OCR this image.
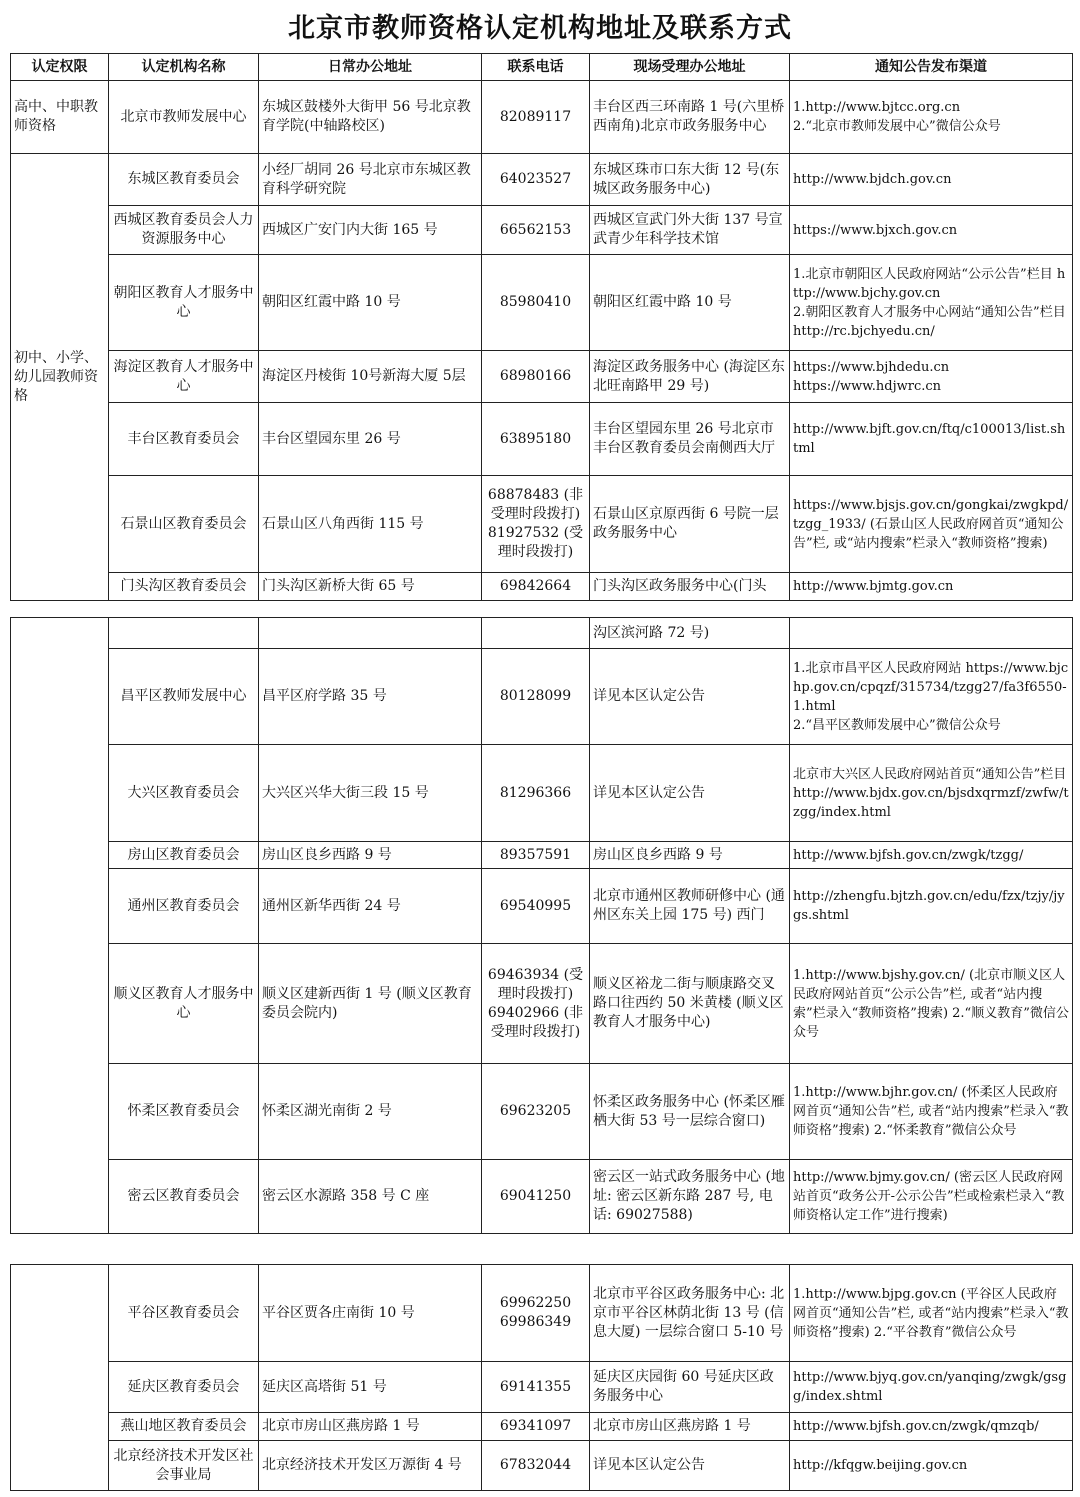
北京市教师资格认定机构地址及联系方式
认定权限	认定机构名称	日常办公地址	联系电话	现场受理办公地址	通知公告发布渠道
高中、中职教师资格	北京市教师发展中心	东城区鼓楼外大街甲 56 号北京教育学院(中轴路校区)	82089117	丰台区西三环南路 1 号(六里桥西南角)北京市政务服务中心	1.http://www.bjtcc.org.cn
2.“北京市教师发展中心”微信公众号

初中、小学、幼儿园教师资格	东城区教育委员会	小经厂胡同 26 号北京市东城区教育科学研究院	64023527	东城区珠市口东大街 12 号(东城区政务服务中心)	http://www.bjdch.gov.cn

	西城区教育委员会人力资源服务中心	西城区广安门内大街 165 号	66562153	西城区宣武门外大街 137 号宣武青少年科学技术馆	https://www.bjxch.gov.cn

	朝阳区教育人才服务中心	朝阳区红霞中路 10 号	85980410	朝阳区红霞中路 10 号	1.北京市朝阳区人民政府网站“公示公告”栏目 http://www.bjchy.gov.cn
2.朝阳区教育人才服务中心网站“通知公告”栏目 http://rc.bjchyedu.cn/

	海淀区教育人才服务中心	海淀区丹棱街 10号新海大厦 5层	68980166	海淀区政务服务中心 (海淀区东北旺南路甲 29 号)	https://www.bjhdedu.cn
https://www.hdjwrc.cn

	丰台区教育委员会	丰台区望园东里 26 号	63895180	丰台区望园东里 26 号北京市丰台区教育委员会南侧西大厅	http://www.bjft.gov.cn/ftq/c100013/list.shtml

	石景山区教育委员会	石景山区八角西街 115 号	68878483 (非受理时段拨打)
81927532 (受理时段拨打)	石景山区京原西街 6 号院一层政务服务中心	https://www.bjsjs.gov.cn/gongkai/zwgkpd/tzgg_1933/ (石景山区人民政府网首页“通知公告”栏, 或“站内搜索”栏录入“教师资格”搜索)

	门头沟区教育委员会	门头沟区新桥大街 65 号	69842664	门头沟区政务服务中心(门头	http://www.bjmtg.gov.cn
				沟区滨河路 72 号)	
	昌平区教师发展中心	昌平区府学路 35 号	80128099	详见本区认定公告	1.北京市昌平区人民政府网站 https://www.bjchp.gov.cn/cpqzf/315734/tzgg27/fa3f6550-1.html
2.“昌平区教师发展中心”微信公众号

	大兴区教育委员会	大兴区兴华大街三段 15 号	81296366	详见本区认定公告	北京市大兴区人民政府网站首页“通知公告”栏目 http://www.bjdx.gov.cn/bjsdxqrmzf/zwfw/tzgg/index.html

	房山区教育委员会	房山区良乡西路 9 号	89357591	房山区良乡西路 9 号	http://www.bjfsh.gov.cn/zwgk/tzgg/

	通州区教育委员会	通州区新华西街 24 号	69540995	北京市通州区教师研修中心 (通州区东关上园 175 号) 西门	http://zhengfu.bjtzh.gov.cn/edu/fzx/tzjy/jygs.shtml

	顺义区教育人才服务中心	顺义区建新西街 1 号 (顺义区教育委员会院内)	69463934 (受理时段拨打)
69402966 (非受理时段拨打)	顺义区裕龙二街与顺康路交叉路口往西约 50 米黄楼 (顺义区教育人才服务中心)	1.http://www.bjshy.gov.cn/ (北京市顺义区人民政府网站首页“公示公告”栏, 或者“站内搜索”栏录入“教师资格”搜索) 2.“顺义教育”微信公众号

	怀柔区教育委员会	怀柔区湖光南街 2 号	69623205	怀柔区政务服务中心 (怀柔区雁栖大街 53 号一层综合窗口)	1.http://www.bjhr.gov.cn/ (怀柔区人民政府网首页“通知公告”栏, 或者“站内搜索”栏录入“教师资格”搜索) 2.“怀柔教育”微信公众号

	密云区教育委员会	密云区水源路 358 号 C 座	69041250	密云区一站式政务服务中心 (地址: 密云区新东路 287 号, 电话: 69027588)	http://www.bjmy.gov.cn/ (密云区人民政府网站首页“政务公开-公示公告”栏或检索栏录入“教师资格认定工作”进行搜索)
	平谷区教育委员会	平谷区贾各庄南街 10 号	69962250
69986349	北京市平谷区政务服务中心: 北京市平谷区林荫北街 13 号 (信息大厦) 一层综合窗口 5-10 号	1.http://www.bjpg.gov.cn (平谷区人民政府网首页“通知公告”栏, 或者“站内搜索”栏录入“教师资格”搜索) 2.“平谷教育”微信公众号

	延庆区教育委员会	延庆区高塔街 51 号	69141355	延庆区庆园街 60 号延庆区政务服务中心	http://www.bjyq.gov.cn/yanqing/zwgk/gsgg/index.shtml

	燕山地区教育委员会	北京市房山区燕房路 1 号	69341097	北京市房山区燕房路 1 号	http://www.bjfsh.gov.cn/zwgk/qmzqb/

	北京经济技术开发区社会事业局	北京经济技术开发区万源街 4 号	67832044	详见本区认定公告	http://kfqgw.beijing.gov.cn
